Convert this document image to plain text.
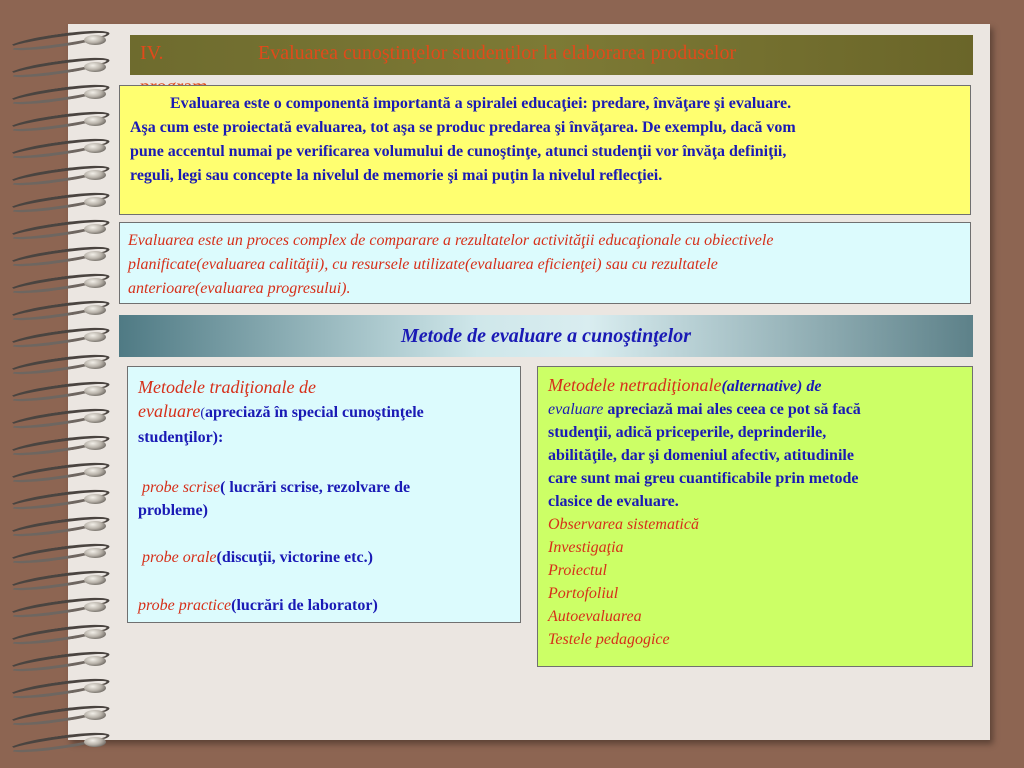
IV.	Evaluarea cunoştinţelor studenţilor la elaborarea produselor
Evaluarea este o componentă importantă a spiralei educaţiei: predare, învăţare şi evaluare.
Aşa cum este proiectată evaluarea, tot aşa se produc predarea şi învăţarea. De exemplu, dacă vom
pune accentul numai pe verificarea volumului de cunoştinţe, atunci studenţii vor învăţa definiţii,
reguli, legi sau concepte la nivelul de memorie şi mai puţin la nivelul reflecţiei.
Evaluarea este un proces complex de comparare a rezultatelor activităţii educaţionale cu obiectivele
planificate(evaluarea calităţii), cu resursele utilizate(evaluarea eficienţei) sau cu rezultatele
anterioare(evaluarea progresului).
Metode de evaluare a cunoştinţelor
Metodele tradiţionale de
evaluare(apreciază în special cunoştinţele
studenţilor):
probe scrise( lucrări scrise, rezolvare de
probleme)
probe orale(discuţii, victorine etc.)
probe practice(lucrări de laborator)
Metodele netradiţionale(alternative) de
evaluare apreciază mai ales ceea ce pot să facă
studenţii, adică priceperile, deprinderile,
abilităţile, dar şi domeniul afectiv, atitudinile
care sunt mai greu cuantificabile prin metode
clasice de evaluare.
Observarea sistematică
Investigaţia
Proiectul
Portofoliul
Autoevaluarea
Testele pedagogice
